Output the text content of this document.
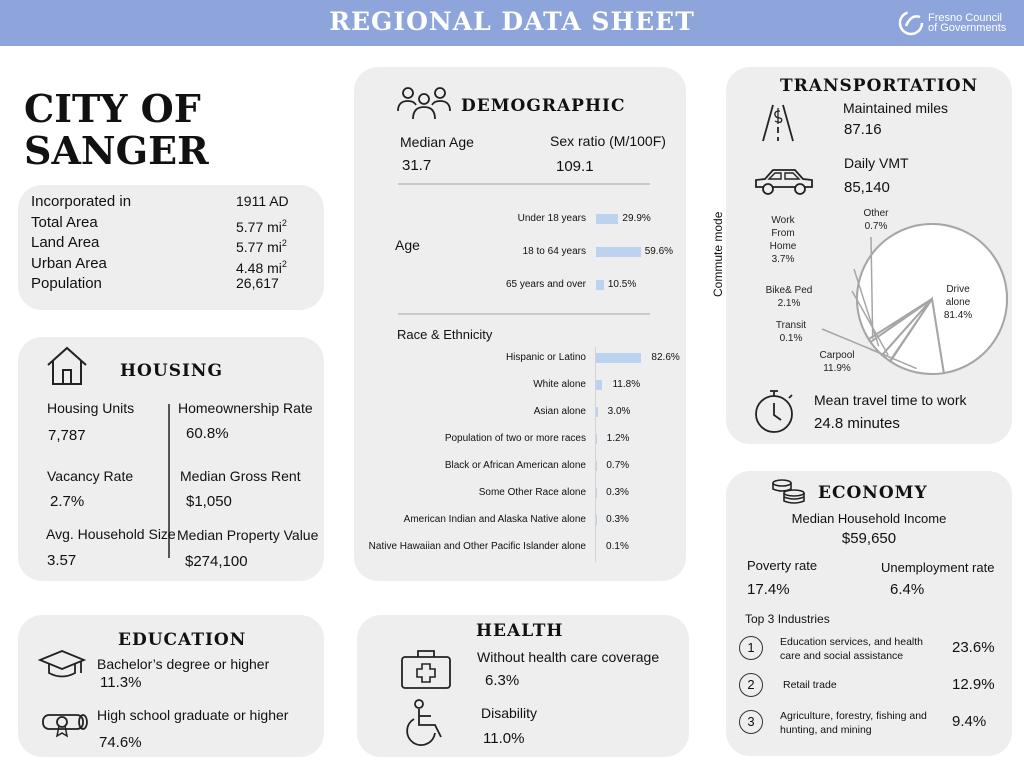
REGIONAL DATA SHEET	Fresno Council
of Governments
CITY OF
SANGER
Incorporated in	1911 AD
Total Area	5.77 $mi^2$
Land Area	5.77 $mi^2$
Urban Area	4.48 $mi^2$
Population	26,617
HOUSING
Housing Units
7,787
Homeownership Rate
60.8%
Vacancy Rate
2.7%
Median Gross Rent
$1,050
Avg. Household Size
3.57
Median Property Value
$274,100
EDUCATION
Bachelor’s degree or higher
11.3%
High school graduate or higher
74.6%
DEMOGRAPHIC
Median Age
31.7
Sex ratio (M/100F)
109.1
Age
Under 18 years	29.9%
18 to 64 years	59.6%
65 years and over 10.5%
Race & Ethnicity
Hispanic or Latino	82.6%
White alone	11.8%
Asian alone 3.0%
Population of two or more races 1.2%
Black or African American alone 0.7%
Some Other Race alone 0.3%
American Indian and Alaska Native alone 0.3%
Native Hawaiian and Other Pacific Islander alone 0.1%
HEALTH
Without health care coverage
6.3%
Disability
11.0%
TRANSPORTATION
Maintained miles
87.16
Daily VMT
85,140
Commute mode	Drive
alone
81.4%
Carpool
11.9%
Transit
0.1%
Bike& Ped
2.1%
Work
From
Home
3.7%
Other
0.7%
Mean travel time to work
24.8 minutes
ECONOMY
Median Household Income
$59,650
Poverty rate
17.4%
Unemployment rate
6.4%
Top 3 Industries
1	Education services, and health
care and social assistance	23.6%
2	Retail trade	12.9%
3	Agriculture, forestry, fishing and
hunting, and mining	9.4%
